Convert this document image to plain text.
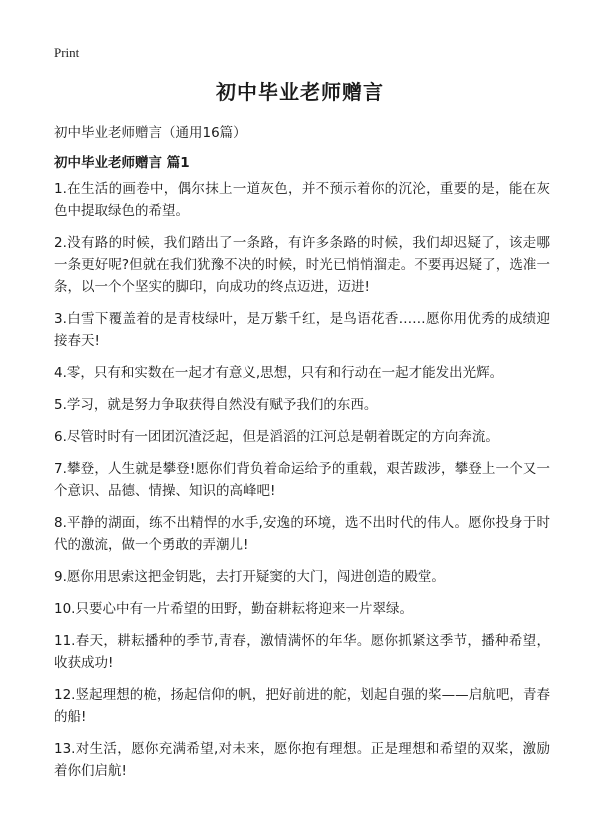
Print
初中毕业老师赠言

初中毕业老师赠言（通用16篇）

初中毕业老师赠言 篇1

1.在生活的画卷中，偶尔抹上一道灰色，并不预示着你的沉沦，重要的是，能在灰色中提取绿色的希望。
2.没有路的时候，我们踏出了一条路，有许多条路的时候，我们却迟疑了，该走哪一条更好呢?但就在我们犹豫不决的时候，时光已悄悄溜走。不要再迟疑了，选准一条，以一个个坚实的脚印，向成功的终点迈进，迈进!
3.白雪下覆盖着的是青枝绿叶，是万紫千红，是鸟语花香……愿你用优秀的成绩迎接春天!
4.零，只有和实数在一起才有意义,思想，只有和行动在一起才能发出光辉。
5.学习，就是努力争取获得自然没有赋予我们的东西。
6.尽管时时有一团团沉渣泛起，但是滔滔的江河总是朝着既定的方向奔流。
7.攀登，人生就是攀登!愿你们背负着命运给予的重载，艰苦跋涉，攀登上一个又一个意识、品德、情操、知识的高峰吧!
8.平静的湖面，练不出精悍的水手,安逸的环境，选不出时代的伟人。愿你投身于时代的激流，做一个勇敢的弄潮儿!
9.愿你用思索这把金钥匙，去打开疑窦的大门，闯进创造的殿堂。
10.只要心中有一片希望的田野，勤奋耕耘将迎来一片翠绿。
11.春天，耕耘播种的季节,青春，激情满怀的年华。愿你抓紧这季节，播种希望，收获成功!
12.竖起理想的桅，扬起信仰的帆，把好前进的舵，划起自强的桨——启航吧，青春的船!
13.对生活，愿你充满希望,对未来，愿你抱有理想。正是理想和希望的双桨，激励着你们启航!
